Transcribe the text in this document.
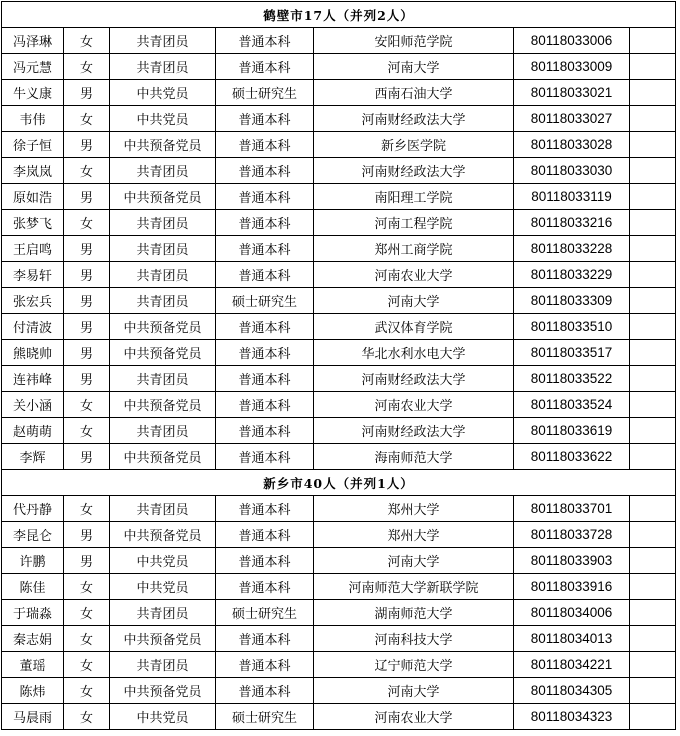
鹤壁市17人（并列2人）						
冯泽琳	女	共青团员	普通本科	安阳师范学院	80118033006	
冯元慧	女	共青团员	普通本科	河南大学	80118033009	
牛义康	男	中共党员	硕士研究生	西南石油大学	80118033021	
韦伟	女	中共党员	普通本科	河南财经政法大学	80118033027	
徐子恒	男	中共预备党员	普通本科	新乡医学院	80118033028	
李岚岚	女	共青团员	普通本科	河南财经政法大学	80118033030	
原如浩	男	中共预备党员	普通本科	南阳理工学院	80118033119	
张梦飞	女	共青团员	普通本科	河南工程学院	80118033216	
王启鸣	男	共青团员	普通本科	郑州工商学院	80118033228	
李易轩	男	共青团员	普通本科	河南农业大学	80118033229	
张宏兵	男	共青团员	硕士研究生	河南大学	80118033309	
付清波	男	中共预备党员	普通本科	武汉体育学院	80118033510	
熊晓帅	男	中共预备党员	普通本科	华北水利水电大学	80118033517	
连祎峰	男	共青团员	普通本科	河南财经政法大学	80118033522	
关小涵	女	中共预备党员	普通本科	河南农业大学	80118033524	
赵萌萌	女	共青团员	普通本科	河南财经政法大学	80118033619	
李辉	男	中共预备党员	普通本科	海南师范大学	80118033622	
新乡市40人（并列1人）						
代丹静	女	共青团员	普通本科	郑州大学	80118033701	
李昆仑	男	中共预备党员	普通本科	郑州大学	80118033728	
许鹏	男	中共党员	普通本科	河南大学	80118033903	
陈佳	女	中共党员	普通本科	河南师范大学新联学院	80118033916	
于瑞淼	女	共青团员	硕士研究生	湖南师范大学	80118034006	
秦志娟	女	中共预备党员	普通本科	河南科技大学	80118034013	
董瑶	女	共青团员	普通本科	辽宁师范大学	80118034221	
陈炜	女	中共预备党员	普通本科	河南大学	80118034305	
马晨雨	女	中共党员	硕士研究生	河南农业大学	80118034323	
